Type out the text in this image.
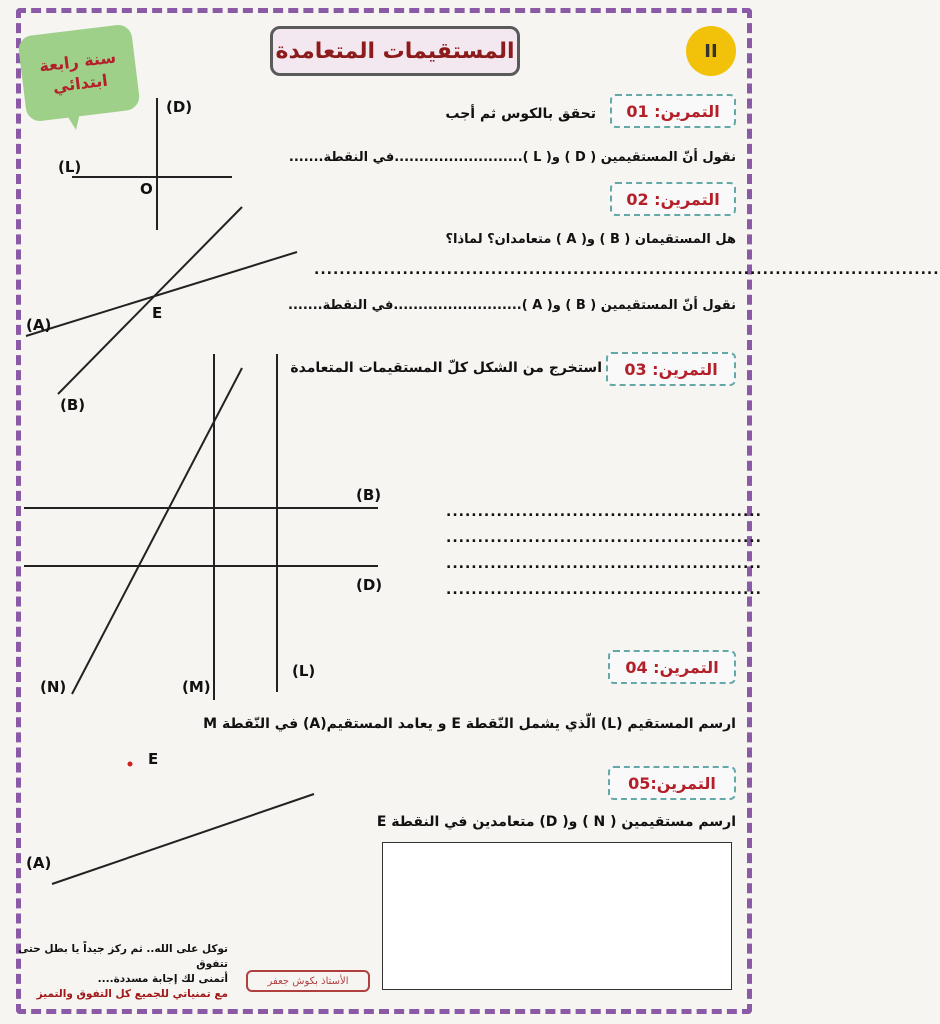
المستقيمات المتعامدة	II
سنة رابعة
ابتدائي
التمرين: 01
تحقق بالكوس ثم أجب
نقول أنّ المستقيمين ( D ) و( L )..........................في النقطة.......
التمرين: 02
هل المستقيمان ( B ) و( A ) متعامدان؟ لماذا؟
...................................................................................................
نقول أنّ المستقيمين ( B ) و( A )..........................في النقطة.......
التمرين: 03
استخرج من الشكل كلّ المستقيمات المتعامدة
..................................................
..................................................
..................................................
..................................................
التمرين: 04
ارسم المستقيم (L) الّذي يشمل النّقطة E و يعامد المستقيم(A) في النّقطة M
التمرين:05
ارسم مستقيمين ( N ) و( D) متعامدين في النقطة E
(D)
(L)
O
(A)
E
(B)
(B)
(D)
(N)	(M)
(L)
E
(A)
توكل على الله.. ثم ركز جيداً يا بطل حتى تتفوق
أتمنى لك إجابة مسددة....
مع تمنياتي للجميع كل التفوق والتميز
الأستاذ بكوش جعفر
